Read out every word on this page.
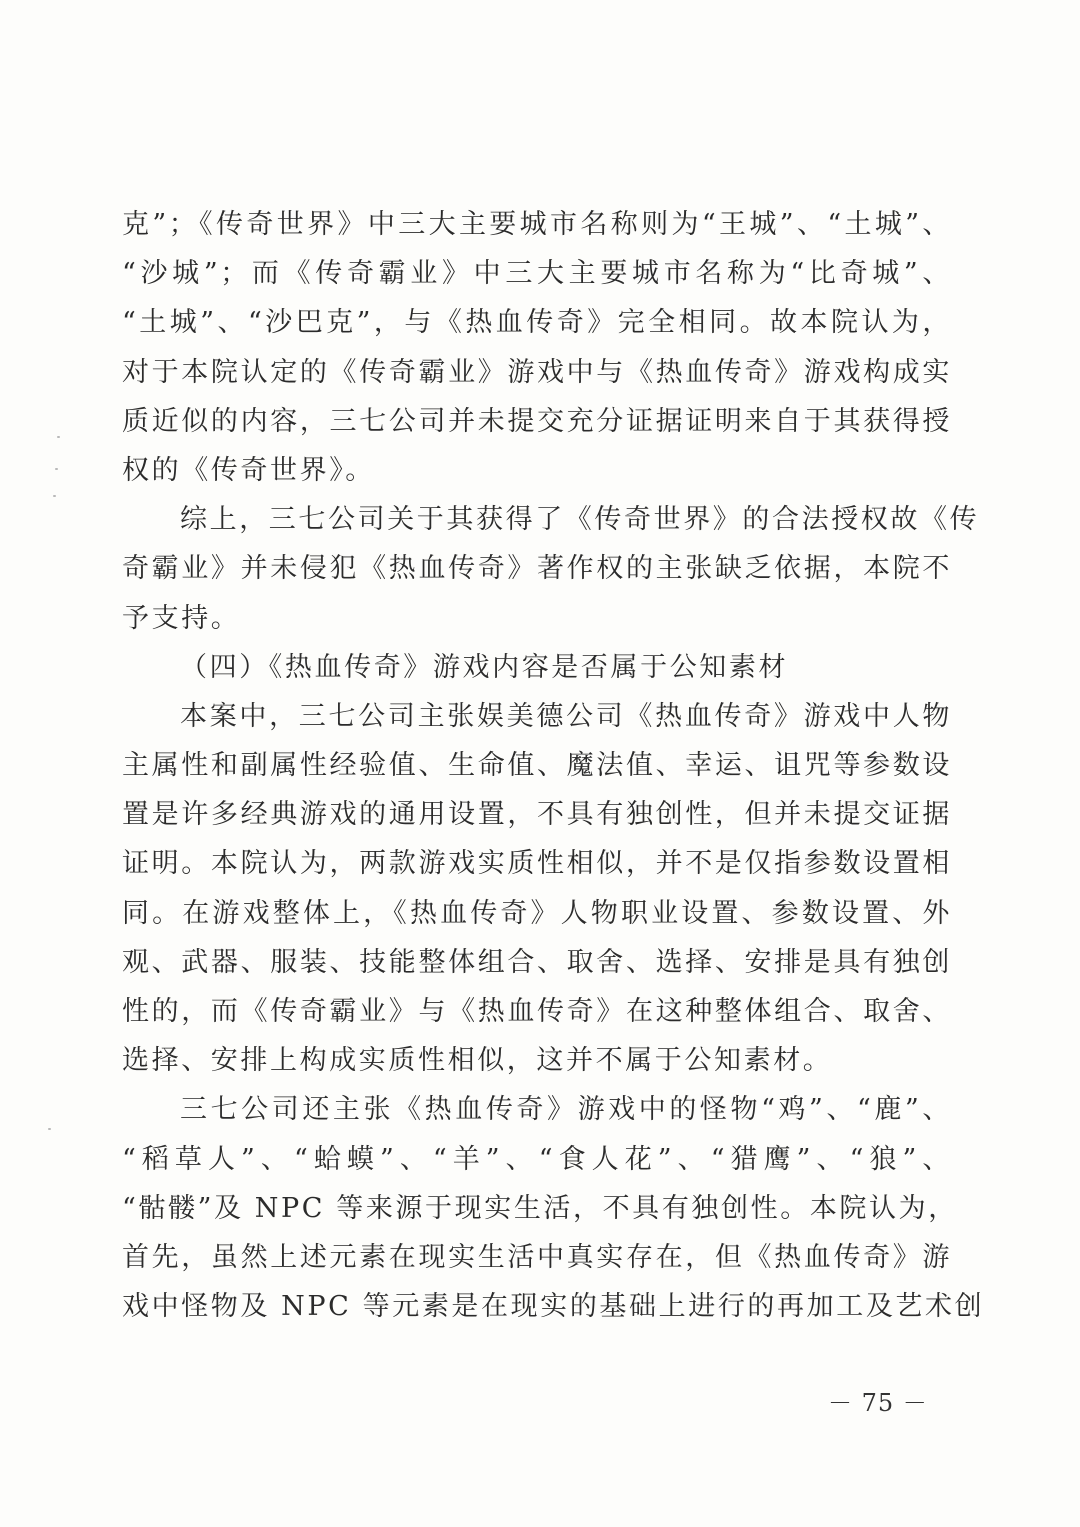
克”；《传奇世界》中三大主要城市名称则为“王城”、“土城”、
“沙城”；而《传奇霸业》中三大主要城市名称为“比奇城”、
“土城”、“沙巴克”，与《热血传奇》完全相同。故本院认为，
对于本院认定的《传奇霸业》游戏中与《热血传奇》游戏构成实
质近似的内容，三七公司并未提交充分证据证明来自于其获得授
权的《传奇世界》。
综上，三七公司关于其获得了《传奇世界》的合法授权故《传
奇霸业》并未侵犯《热血传奇》著作权的主张缺乏依据，本院不
予支持。
（四）《热血传奇》游戏内容是否属于公知素材
本案中，三七公司主张娱美德公司《热血传奇》游戏中人物
主属性和副属性经验值、生命值、魔法值、幸运、诅咒等参数设
置是许多经典游戏的通用设置，不具有独创性，但并未提交证据
证明。本院认为，两款游戏实质性相似，并不是仅指参数设置相
同。在游戏整体上，《热血传奇》人物职业设置、参数设置、外
观、武器、服装、技能整体组合、取舍、选择、安排是具有独创
性的，而《传奇霸业》与《热血传奇》在这种整体组合、取舍、
选择、安排上构成实质性相似，这并不属于公知素材。
三七公司还主张《热血传奇》游戏中的怪物“鸡”、“鹿”、
“稻草人”、“蛤蟆”、“羊”、“食人花”、“猎鹰”、“狼”、
“骷髅”及 NPC 等来源于现实生活，不具有独创性。本院认为，
首先，虽然上述元素在现实生活中真实存在，但《热血传奇》游
戏中怪物及 NPC 等元素是在现实的基础上进行的再加工及艺术创
－ 75 －
